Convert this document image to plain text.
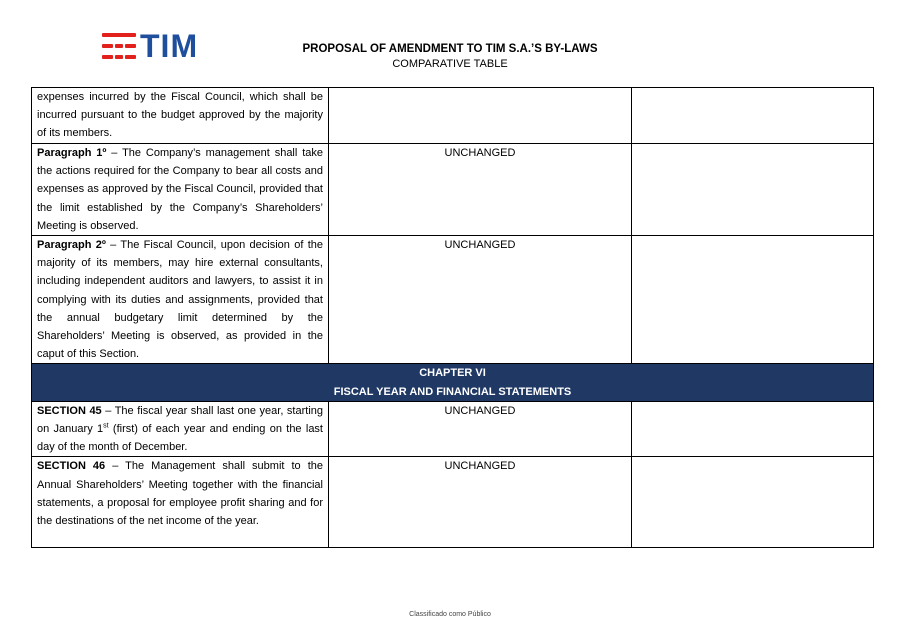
TIM	PROPOSAL OF AMENDMENT TO TIM S.A.’S BY-LAWS
COMPARATIVE TABLE
expenses incurred by the Fiscal Council, which shall be incurred pursuant to the budget approved by the majority of its members.		
Paragraph 1º – The Company’s management shall take the actions required for the Company to bear all costs and expenses as approved by the Fiscal Council, provided that the limit established by the Company’s Shareholders’ Meeting is observed.	UNCHANGED	
Paragraph 2º – The Fiscal Council, upon decision of the majority of its members, may hire external consultants, including independent auditors and lawyers, to assist it in complying with its duties and assignments, provided that the annual budgetary limit determined by the Shareholders’ Meeting is observed, as provided in the caput of this Section.	UNCHANGED	

CHAPTER VI
FISCAL YEAR AND FINANCIAL STATEMENTS		

SECTION 45 – The fiscal year shall last one year, starting on January 1st (first) of each year and ending on the last day of the month of December.	UNCHANGED	
SECTION 46 – The Management shall submit to the Annual Shareholders’ Meeting together with the financial statements, a proposal for employee profit sharing and for the destinations of the net income of the year.	UNCHANGED	
Classificado como Público
